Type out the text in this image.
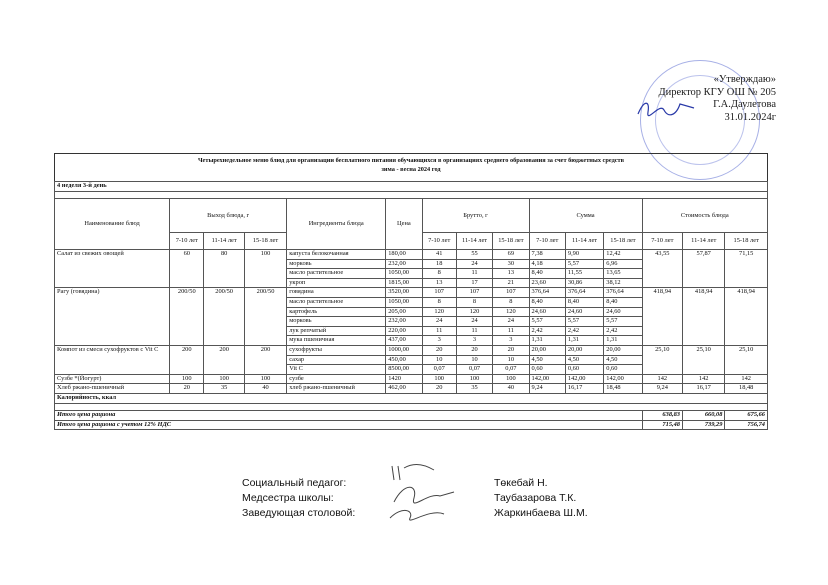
«Утверждаю»
Директор КГУ ОШ № 205
Г.А.Даулетова
31.01.2024г
Четырехнедельное меню блюд для организации бесплатного питания обучающихся в организациях среднего образования за счет бюджетных средств
зима - весна 2024 год
4 неделя 3-й день														

Наименование блюд	Выход блюда, г			Ингредиенты блюда	Цена	Брутто, г			Сумма			Стоимость блюда		
	7-10 лет	11-14 лет	15-18 лет			7-10 лет	11-14 лет	15-18 лет	7-10 лет	11-14 лет	15-18 лет	7-10 лет	11-14 лет	15-18 лет
Салат из свежих овощей	60	80	100	капуста белокочанная	180,00	41	55	69	7,38	9,90	12,42	43,55	57,87	71,15
				морковь	232,00	18	24	30	4,18	5,57	6,96			
				масло растительное	1050,00	8	11	13	8,40	11,55	13,65			
				укроп	1815,00	13	17	21	23,60	30,86	38,12			
Рагу (говядина)	200/50	200/50	200/50	говядина	3520,00	107	107	107	376,64	376,64	376,64	418,94	418,94	418,94
				масло растительное	1050,00	8	8	8	8,40	8,40	8,40			
				картофель	205,00	120	120	120	24,60	24,60	24,60			
				морковь	232,00	24	24	24	5,57	5,57	5,57			
				лук репчатый	220,00	11	11	11	2,42	2,42	2,42			
				мука пшеничная	437,00	3	3	3	1,31	1,31	1,31			
Компот из смеси сухофруктов с Vit C	200	200	200	сухофрукты	1000,00	20	20	20	20,00	20,00	20,00	25,10	25,10	25,10
				сахар	450,00	10	10	10	4,50	4,50	4,50			
				Vit C	8500,00	0,07	0,07	0,07	0,60	0,60	0,60			
Сузбе *(Йогурт)	100	100	100	сузбе	1420	100	100	100	142,00	142,00	142,00	142	142	142
Хлеб ржано-пшеничный	20	35	40	хлеб ржано-пшеничный	462,00	20	35	40	9,24	16,17	18,48	9,24	16,17	18,48
Калорийность, ккал														

Итого цена рациона												638,83	660,08	675,66
Итого цена рациона с учетом 12% НДС												715,48	739,29	756,74
Социальный педагог:	Төкебай Н.
Медсестра школы:	Таубазарова Т.К.
Заведующая столовой:	Жаркинбаева Ш.М.
